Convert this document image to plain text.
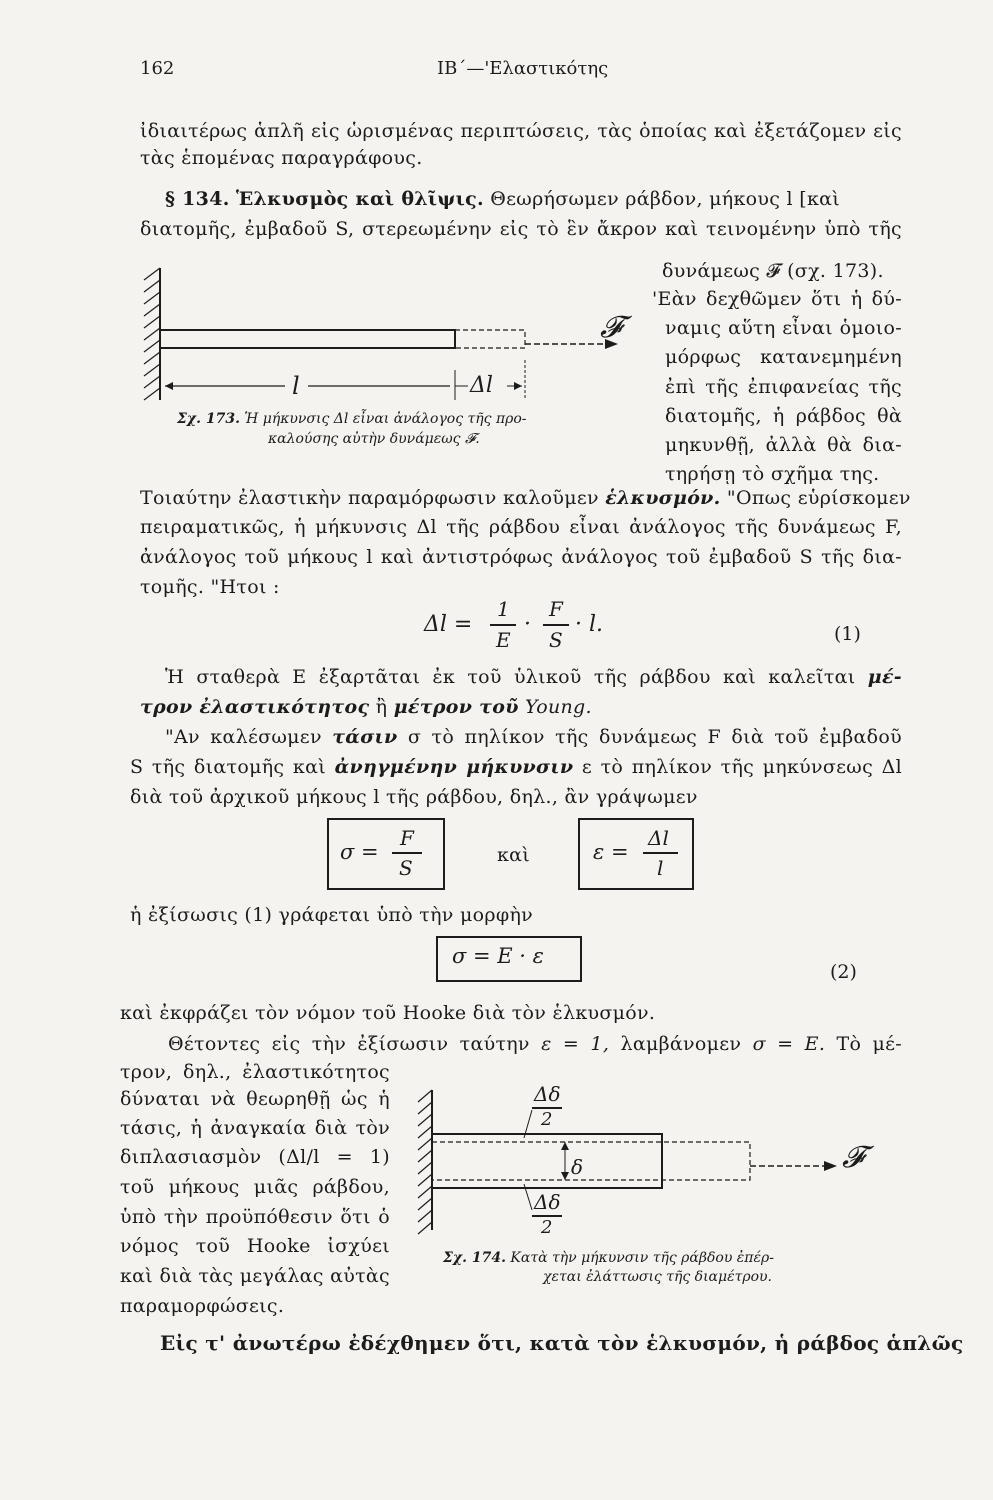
162	ΙΒ΄—'Ελαστικότης
ἰδιαιτέρως ἁπλῆ εἰς ὡρισμένας περιπτώσεις, τὰς ὁποίας καὶ ἐξετάζομεν εἰς
τὰς ἑπομένας παραγράφους.
§ 134. Ἑλκυσμὸς καὶ θλῖψις. Θεωρήσωμεν ράβδον, μήκους l [καὶ
διατομῆς, ἐμβαδοῦ S, στερεωμένην εἰς τὸ ἓν ἄκρον καὶ τεινομένην ὑπὸ τῆς
δυνάμεως 𝓕 (σχ. 173).
'Εὰν δεχθῶμεν ὅτι ἡ δύ-
ναμις αὕτη εἶναι ὁμοιο-
μόρφως κατανεμημένη
ἐπὶ τῆς ἐπιφανείας τῆς
διατομῆς, ἡ ράβδος θὰ
μηκυνθῇ, ἀλλὰ θὰ δια-
τηρήσῃ τὸ σχῆμα της.
l	Δl
𝓕
Σχ. 173. Ἡ μήκυνσις Δl εἶναι ἀνάλογος τῆς προ-
καλούσης αὐτὴν δυνάμεως 𝓕.
Τοιαύτην ἐλαστικὴν παραμόρφωσιν καλοῦμεν ἑλκυσμόν. "Οπως εὑρίσκομεν
πειραματικῶς, ἡ μήκυνσις Δl τῆς ράβδου εἶναι ἀνάλογος τῆς δυνάμεως F,
ἀνάλογος τοῦ μήκους l καὶ ἀντιστρόφως ἀνάλογος τοῦ ἐμβαδοῦ S τῆς δια-
τομῆς. "Ητοι :
Δl =
1
E
·
F
S
· l.	(1)
Ἡ σταθερὰ E ἐξαρτᾶται ἐκ τοῦ ὑλικοῦ τῆς ράβδου καὶ καλεῖται μέ-
τρον ἐλαστικότητος ἢ μέτρον τοῦ Young.
"Αν καλέσωμεν τάσιν σ τὸ πηλίκον τῆς δυνάμεως F διὰ τοῦ ἐμβαδοῦ
S τῆς διατομῆς καὶ ἀνηγμένην μήκυνσιν ε τὸ πηλίκον τῆς μηκύνσεως Δl
διὰ τοῦ ἀρχικοῦ μήκους l τῆς ράβδου, δηλ., ἂν γράψωμεν
σ =
F
S
καὶ	ε =
Δl
l
ἡ ἐξίσωσις (1) γράφεται ὑπὸ τὴν μορφὴν
σ = E · ε
(2)
καὶ ἐκφράζει τὸν νόμον τοῦ Hooke διὰ τὸν ἑλκυσμόν.
Θέτοντες εἰς τὴν ἐξίσωσιν ταύτην ε = 1, λαμβάνομεν σ = E. Τὸ μέ-
τρον, δηλ., ἐλαστικότητος
δύναται νὰ θεωρηθῇ ὡς ἡ
τάσις, ἡ ἀναγκαία διὰ τὸν
διπλασιασμὸν (Δl/l = 1)
τοῦ μήκους μιᾶς ράβδου,
ὑπὸ τὴν προϋπόθεσιν ὅτι ὁ
νόμος τοῦ Hooke ἰσχύει
καὶ διὰ τὰς μεγάλας αὐτὰς
παραμορφώσεις.
Δδ
2
δ
Δδ
2
𝓕
Σχ. 174. Κατὰ τὴν μήκυνσιν τῆς ράβδου ἐπέρ-
χεται ἐλάττωσις τῆς διαμέτρου.
Εἰς τ' ἀνωτέρω ἐδέχθημεν ὅτι, κατὰ τὸν ἑλκυσμόν, ἡ ράβδος ἁπλῶς
